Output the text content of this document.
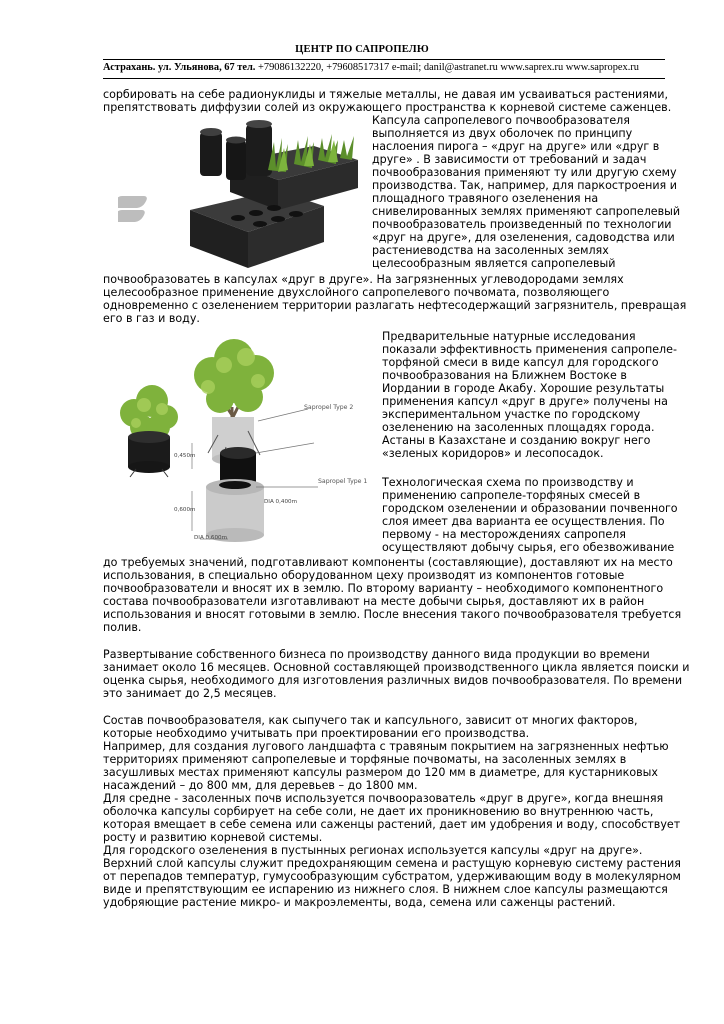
ЦЕНТР ПО САПРОПЕЛЮ
Астрахань. ул. Ульянова, 67 тел. +79086132220, +79608517317 e-mail; danil@astranet.ru www.saprex.ru www.sapropex.ru
сорбировать на себе радионуклиды и тяжелые металлы, не давая им усваиваться растениями,
препятствовать диффузии солей из окружающего пространства к корневой системе саженцев.
Капсула сапропелевого почвообразователя
выполняется из двух оболочек по принципу
наслоения пирога – «друг на друге» или «друг в
друге» . В зависимости от требований и задач
почвообразования применяют ту или другую схему
производства. Так, например, для паркостроения и
площадного травяного озеленения на
снивелированных землях применяют сапропелевый
почвообразователь произведенный по технологии
«друг на друге», для озеленения, садоводства или
растениеводства на засоленных землях
целесообразным является сапропелевый
почвообразоватеь в капсулах «друг в друге». На загрязненных углеводородами землях
целесообразное применение двухслойного сапропелевого почвомата, позволяющего
одновременно с озеленением территории разлагать нефтесодержащий загрязнитель, превращая
его в газ и воду.
Sapropel Type 2
Sapropel Type 1
0,450m
DIA 0,400m
0,600m
DIA 0,600m
Предварительные натурные исследования
показали эффективность применения сапропеле-
торфяной смеси в виде капсул для городского
почвообразования на Ближнем Востоке в
Иордании в городе Акабу. Хорошие результаты
применения капсул «друг в друге» получены на
экспериментальном участке по городскому
озеленению на засоленных площадях города.
Астаны в Казахстане и созданию вокруг него
«зеленых коридоров» и лесопосадок.
Технологическая схема по производству и
применению сапропеле-торфяных смесей в
городском озеленении и образовании почвенного
слоя имеет два варианта ее осуществления. По
первому - на месторождениях сапропеля
осуществляют добычу сырья, его обезвоживание
до требуемых значений, подготавливают компоненты (составляющие), доставляют их на место
использования, в специально оборудованном цеху производят из компонентов готовые
почвообразователи и вносят их в землю. По второму варианту – необходимого компонентного
состава почвообразователи изготавливают на месте добычи сырья, доставляют их в район
использования и вносят готовыми в землю. После внесения такого почвообразователя требуется
полив.
Развертывание собственного бизнеса по производству данного вида продукции во времени
занимает около 16 месяцев. Основной составляющей производственного цикла является поиски и
оценка сырья, необходимого для изготовления различных видов почвообразователя. По времени
это занимает до 2,5 месяцев.
Состав почвообразователя, как сыпучего так и капсульного, зависит от многих факторов,
которые необходимо учитывать при проектировании его производства.
Например, для создания лугового ландшафта с травяным покрытием на загрязненных нефтью
территориях применяют сапропелевые и торфяные почвоматы, на засоленных землях в
засушливых местах применяют капсулы размером до 120 мм в диаметре, для кустарниковых
насаждений – до 800 мм, для деревьев – до 1800 мм.
Для средне - засоленных почв используется почвооразователь «друг в друге», когда внешняя
оболочка капсулы сорбирует на себе соли, не дает их проникновению во внутреннюю часть,
которая вмещает в себе семена или саженцы растений, дает им удобрения и воду, способствует
росту и развитию корневой системы.
Для городского озеленения в пустынных регионах используется капсулы «друг на друге».
Верхний слой капсулы служит предохраняющим семена и растущую корневую систему растения
от перепадов температур, гумусообразующим субстратом, удерживающим воду в молекулярном
виде и препятствующим ее испарению из нижнего слоя. В нижнем слое капсулы размещаются
удобряющие растение микро- и макроэлементы, вода, семена или саженцы растений.
